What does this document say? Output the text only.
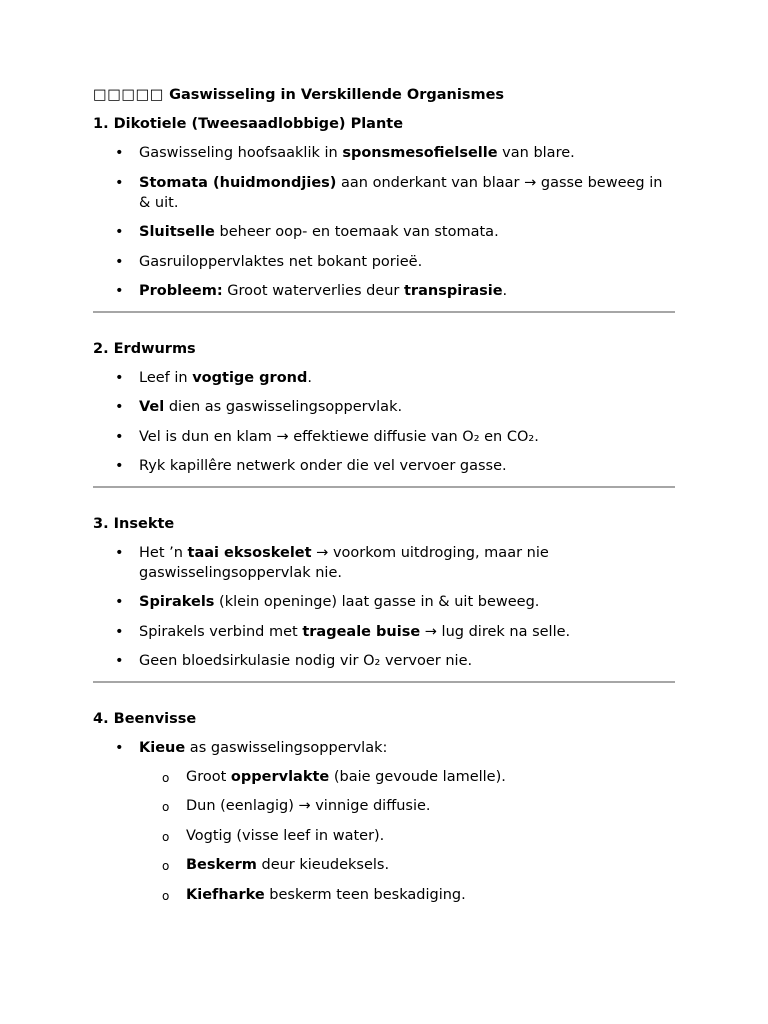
□□□□□ Gaswisseling in Verskillende Organismes
1. Dikotiele (Tweesaadlobbige) Plante
• Gaswisseling hoofsaaklik in sponsmesofielselle van blare.
• Stomata (huidmondjies) aan onderkant van blaar → gasse beweeg in & uit.
• Sluitselle beheer oop- en toemaak van stomata.
• Gasruiloppervlaktes net bokant porieë.
• Probleem: Groot waterverlies deur transpirasie.
2. Erdwurms
• Leef in vogtige grond.
• Vel dien as gaswisselingsoppervlak.
• Vel is dun en klam → effektiewe diffusie van O₂ en CO₂.
• Ryk kapillêre netwerk onder die vel vervoer gasse.
3. Insekte
• Het ’n taai eksoskelet → voorkom uitdroging, maar nie gaswisselingsoppervlak nie.
• Spirakels (klein openinge) laat gasse in & uit beweeg.
• Spirakels verbind met trageale buise → lug direk na selle.
• Geen bloedsirkulasie nodig vir O₂ vervoer nie.
4. Beenvisse
• Kieue as gaswisselingsoppervlak:
o Groot oppervlakte (baie gevoude lamelle).
o Dun (eenlagig) → vinnige diffusie.
o Vogtig (visse leef in water).
o Beskerm deur kieudeksels.
o Kiefharke beskerm teen beskadiging.
